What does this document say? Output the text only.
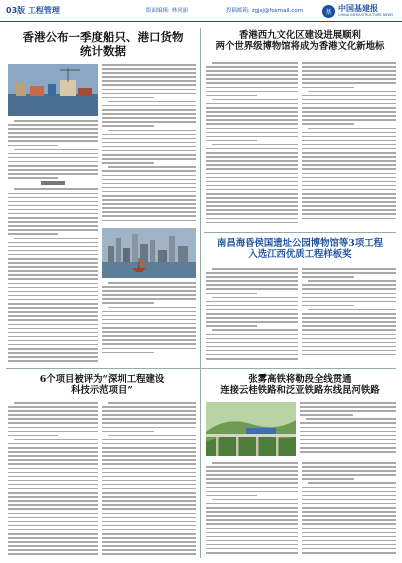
03版 工程管理	版面编辑: 林风丽	投稿邮箱: zgjsj@foxmail.com	基 中国基建报
CHINA INFRASTRUCTURE NEWS
香港公布一季度船只、港口货物
统计数据
香港西九文化区建设进展顺利
两个世界级博物馆将成为香港文化新地标
南昌海昏侯国遗址公园博物馆等3项工程
入选江西优质工程样板奖
6个项目被评为“深圳工程建设
科技示范项目”
张雾高铁将勒段全线贯通
连接云桂铁路和泛亚铁路东线昆河铁路
